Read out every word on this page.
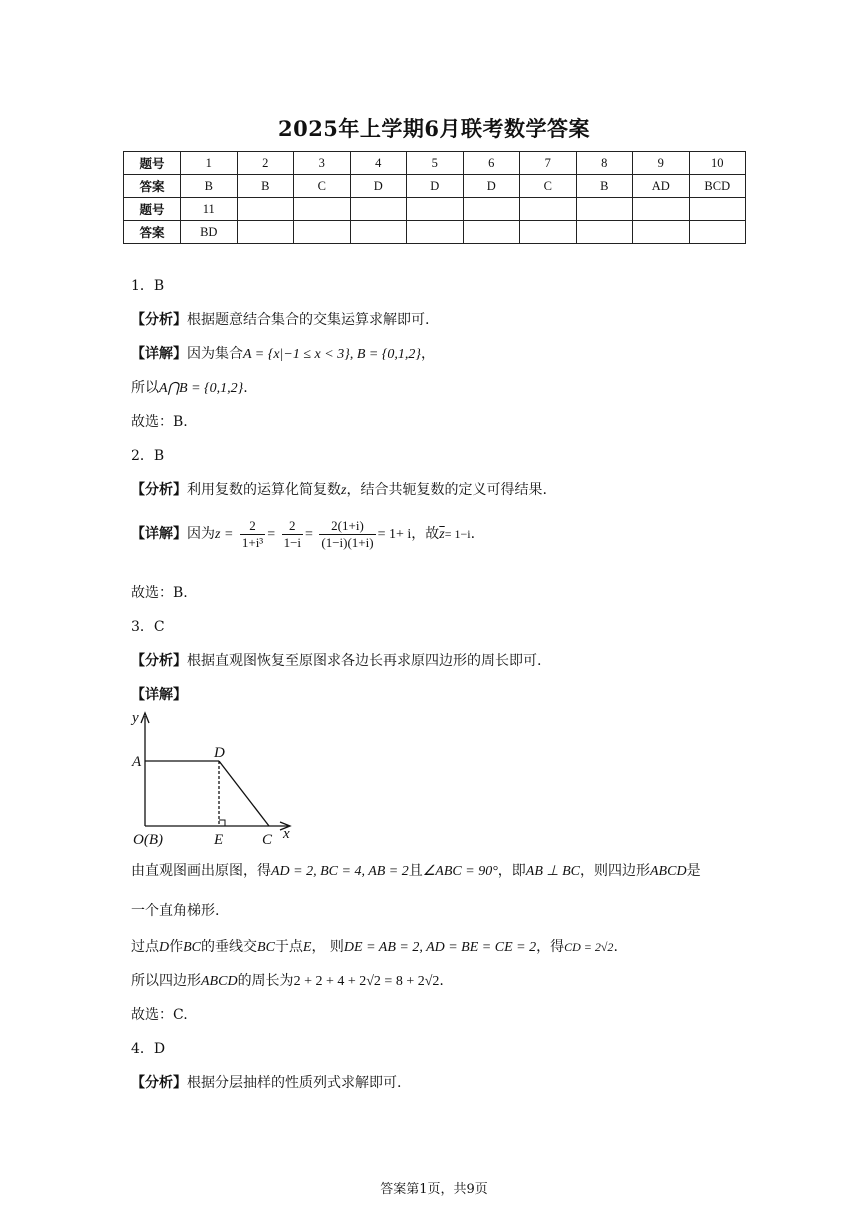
2025年上学期6月联考数学答案
题号	1	2	3	4	5	6	7	8	9	10
答案	B	B	C	D	D	D	C	B	AD	BCD
题号	11									
答案	BD									
1．B
【分析】根据题意结合集合的交集运算求解即可.
【详解】因为集合A = {x|−1 ≤ x < 3}, B = {0,1,2}，
所以A⋂B = {0,1,2}.
故选：B.
2．B
【分析】利用复数的运算化简复数z，结合共轭复数的定义可得结果.
【详解】因为$z = \frac{2}{\text{1+i³}} = \frac{2}{1-i} = \frac{2(1+i)}{(1-i)(1+i)} = 1+ i$，故$\overline{z}= 1-i$.
故选：B.
3．C
【分析】根据直观图恢复至原图求各边长再求原四边形的周长即可.
【详解】
y
x
A
D
O(B)	E	C
由直观图画出原图，得AD = 2, BC = 4, AB = 2且∠ABC = 90°，即AB ⊥ BC，则四边形ABCD是
一个直角梯形.
过点D作BC的垂线交BC于点E， 则DE = AB = 2, AD = BE = CE = 2，得CD = 2√2.
所以四边形ABCD的周长为2 + 2 + 4 + 2√2 = 8 + 2√2.
故选：C.
4．D
【分析】根据分层抽样的性质列式求解即可.
答案第1页，共9页
